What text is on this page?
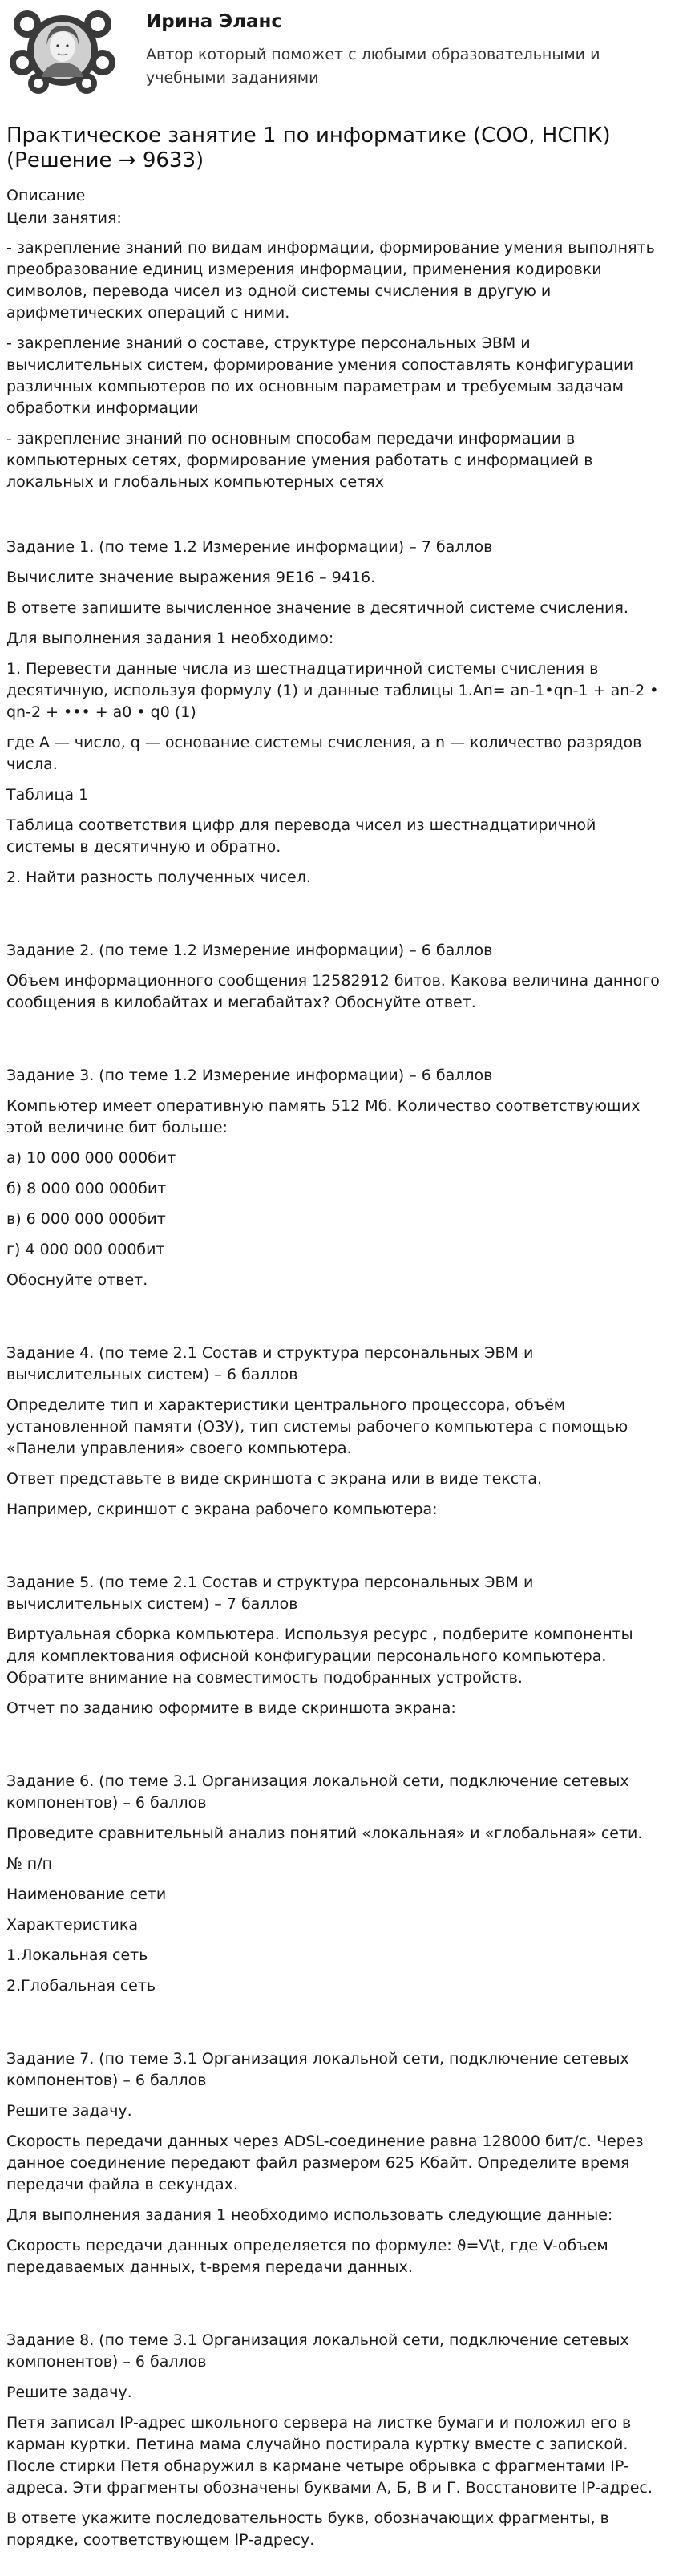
Ирина Эланс
Автор который поможет с любыми образовательными и учебными заданиями
Практическое занятие 1 по информатике (СОО, НСПК) (Решение → 9633)
Описание
Цели занятия:

- закрепление знаний по видам информации, формирование умения выполнять преобразование единиц измерения информации, применения кодировки символов, перевода чисел из одной системы счисления в другую и арифметических операций с ними.

- закрепление знаний о составе, структуре персональных ЭВМ и вычислительных систем, формирование умения сопоставлять конфигурации различных компьютеров по их основным параметрам и требуемым задачам обработки информации

- закрепление знаний по основным способам передачи информации в компьютерных сетях, формирование умения работать с информацией в локальных и глобальных компьютерных сетях

Задание 1. (по теме 1.2 Измерение информации) – 7 баллов

Вычислите значение выражения 9E16 – 9416.

В ответе запишите вычисленное значение в десятичной системе счисления.

Для выполнения задания 1 необходимо:

1. Перевести данные числа из шестнадцатиричной системы счисления в десятичную, используя формулу (1) и данные таблицы 1.An= an-1•qn-1 + an-2 • qn-2 + ••• + a0 • q0 (1)

где А — число, q — основание системы счисления, а n — количество разрядов числа.

Таблица 1

Таблица соответствия цифр для перевода чисел из шестнадцатиричной системы в десятичную и обратно.

2. Найти разность полученных чисел.

Задание 2. (по теме 1.2 Измерение информации) – 6 баллов

Объем информационного сообщения 12582912 битов. Какова величина данного сообщения в килобайтах и мегабайтах? Обоснуйте ответ.

Задание 3. (по теме 1.2 Измерение информации) – 6 баллов

Компьютер имеет оперативную память 512 Мб. Количество соответствующих этой величине бит больше:

а) 10 000 000 000бит

б) 8 000 000 000бит

в) 6 000 000 000бит

г) 4 000 000 000бит

Обоснуйте ответ.

Задание 4. (по теме 2.1 Состав и структура персональных ЭВМ и вычислительных систем) – 6 баллов

Определите тип и характеристики центрального процессора, объём установленной памяти (ОЗУ), тип системы рабочего компьютера с помощью «Панели управления» своего компьютера.

Ответ представьте в виде скриншота с экрана или в виде текста.

Например, скриншот с экрана рабочего компьютера:

Задание 5. (по теме 2.1 Состав и структура персональных ЭВМ и вычислительных систем) – 7 баллов

Виртуальная сборка компьютера. Используя ресурс , подберите компоненты для комплектования офисной конфигурации персонального компьютера. Обратите внимание на совместимость подобранных устройств.

Отчет по заданию оформите в виде скриншота экрана:

Задание 6. (по теме 3.1 Организация локальной сети, подключение сетевых компонентов) – 6 баллов

Проведите сравнительный анализ понятий «локальная» и «глобальная» сети.

№ п/п

Наименование сети

Характеристика

1.Локальная сеть

2.Глобальная сеть

Задание 7. (по теме 3.1 Организация локальной сети, подключение сетевых компонентов) – 6 баллов

Решите задачу.

Скорость передачи данных через ADSL-соединение равна 128000 бит/с. Через данное соединение передают файл размером 625 Кбайт. Определите время передачи файла в секундах.

Для выполнения задания 1 необходимо использовать следующие данные:

Скорость передачи данных определяется по формуле: ϑ=V\t, где V-объем передаваемых данных, t-время передачи данных.

Задание 8. (по теме 3.1 Организация локальной сети, подключение сетевых компонентов) – 6 баллов

Решите задачу.

Петя записал IP-адрес школьного сервера на листке бумаги и положил его в карман куртки. Петина мама случайно постирала куртку вместе с запиской. После стирки Петя обнаружил в кармане четыре обрывка с фрагментами IP-адреса. Эти фрагменты обозначены буквами А, Б, В и Г. Восстановите IP-адрес.

В ответе укажите последовательность букв, обозначающих фрагменты, в порядке, соответствующем IP-адресу.
